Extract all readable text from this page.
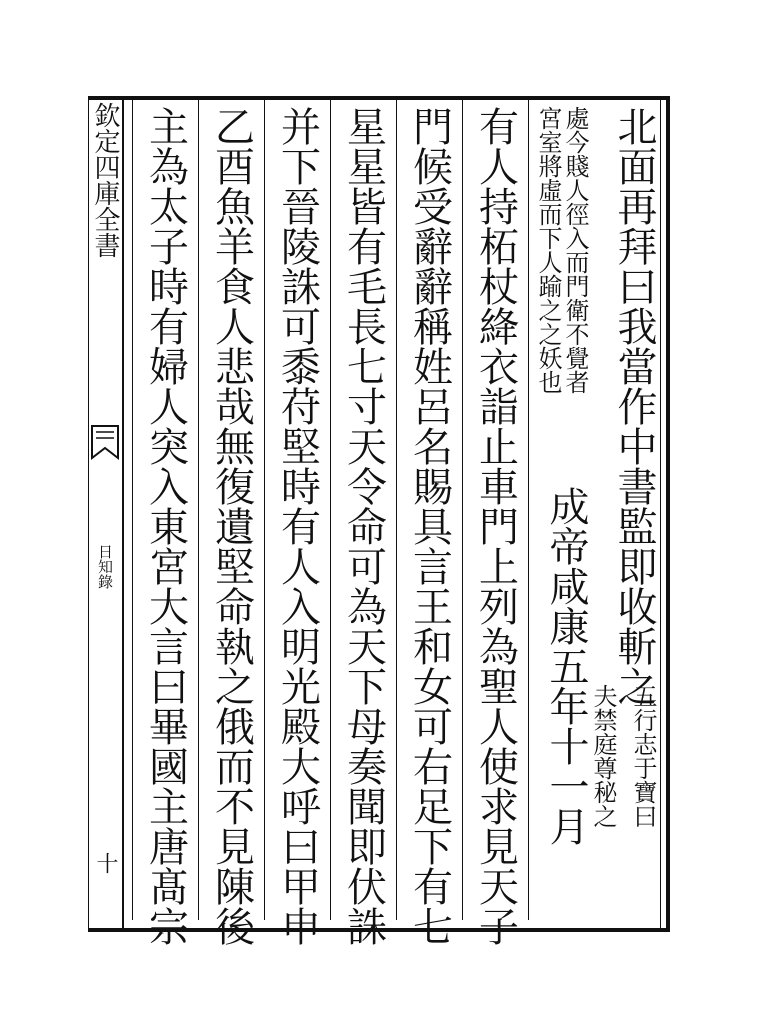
欽定四庫全書
日知錄
十
北面再拜曰我當作中書監即收斬之
五行志于寶曰
夫禁庭尊秘之
處今賤人徑入而門衛不覺者
宮室將虛而下人踰之之妖也
成帝咸康五年十一月
有人持柘杖絳衣詣止車門上列為聖人使求見天子
門候受辭辭稱姓呂名賜具言王和女可右足下有七
星星皆有毛長七寸天令命可為天下母奏聞即伏誅
并下晉陵誅可黍苻堅時有人入明光殿大呼曰甲申
乙酉魚羊食人悲哉無復遺堅命執之俄而不見陳後
主為太子時有婦人突入東宮大言曰畢國主唐髙宗
